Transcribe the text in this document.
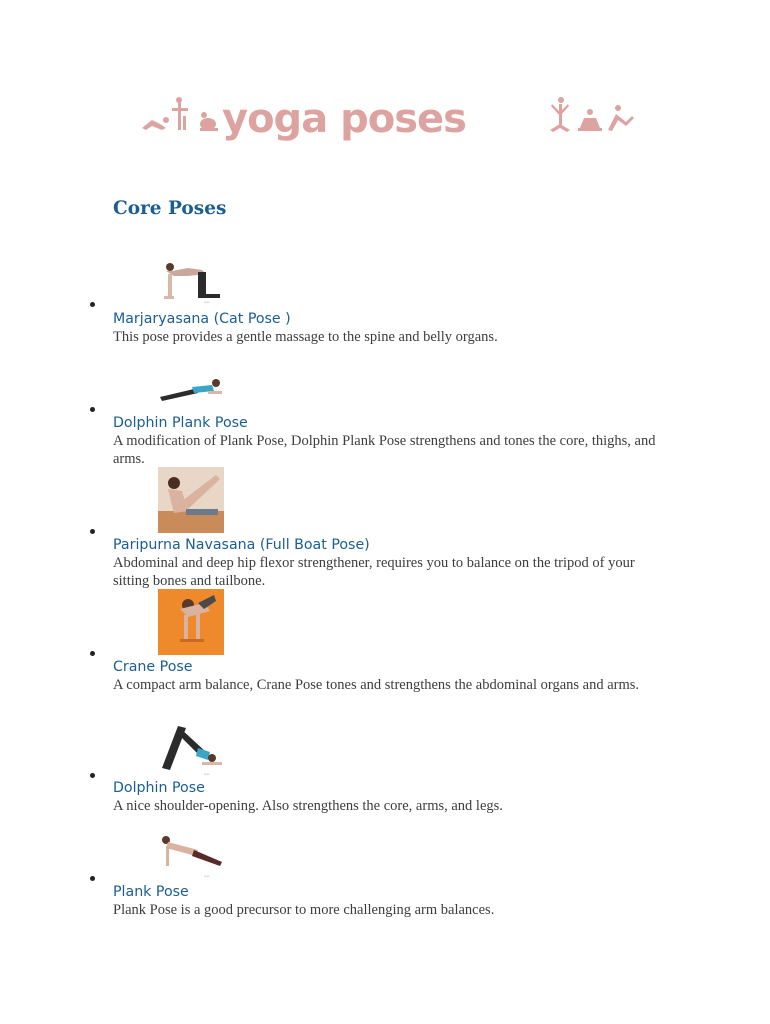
yoga poses
Core Poses
pose

Marjaryasana (Cat Pose )

This pose provides a gentle massage to the spine and belly organs.

Dolphin Plank Pose

A modification of Plank Pose, Dolphin Plank Pose strengthens and tones the core, thighs, and arms.

Paripurna Navasana (Full Boat Pose)

Abdominal and deep hip flexor strengthener, requires you to balance on the tripod of your sitting bones and tailbone.

Crane Pose

A compact arm balance, Crane Pose tones and strengthens the abdominal organs and arms.

pose

Dolphin Pose

A nice shoulder-opening. Also strengthens the core, arms, and legs.

pose

Plank Pose

Plank Pose is a good precursor to more challenging arm balances.
